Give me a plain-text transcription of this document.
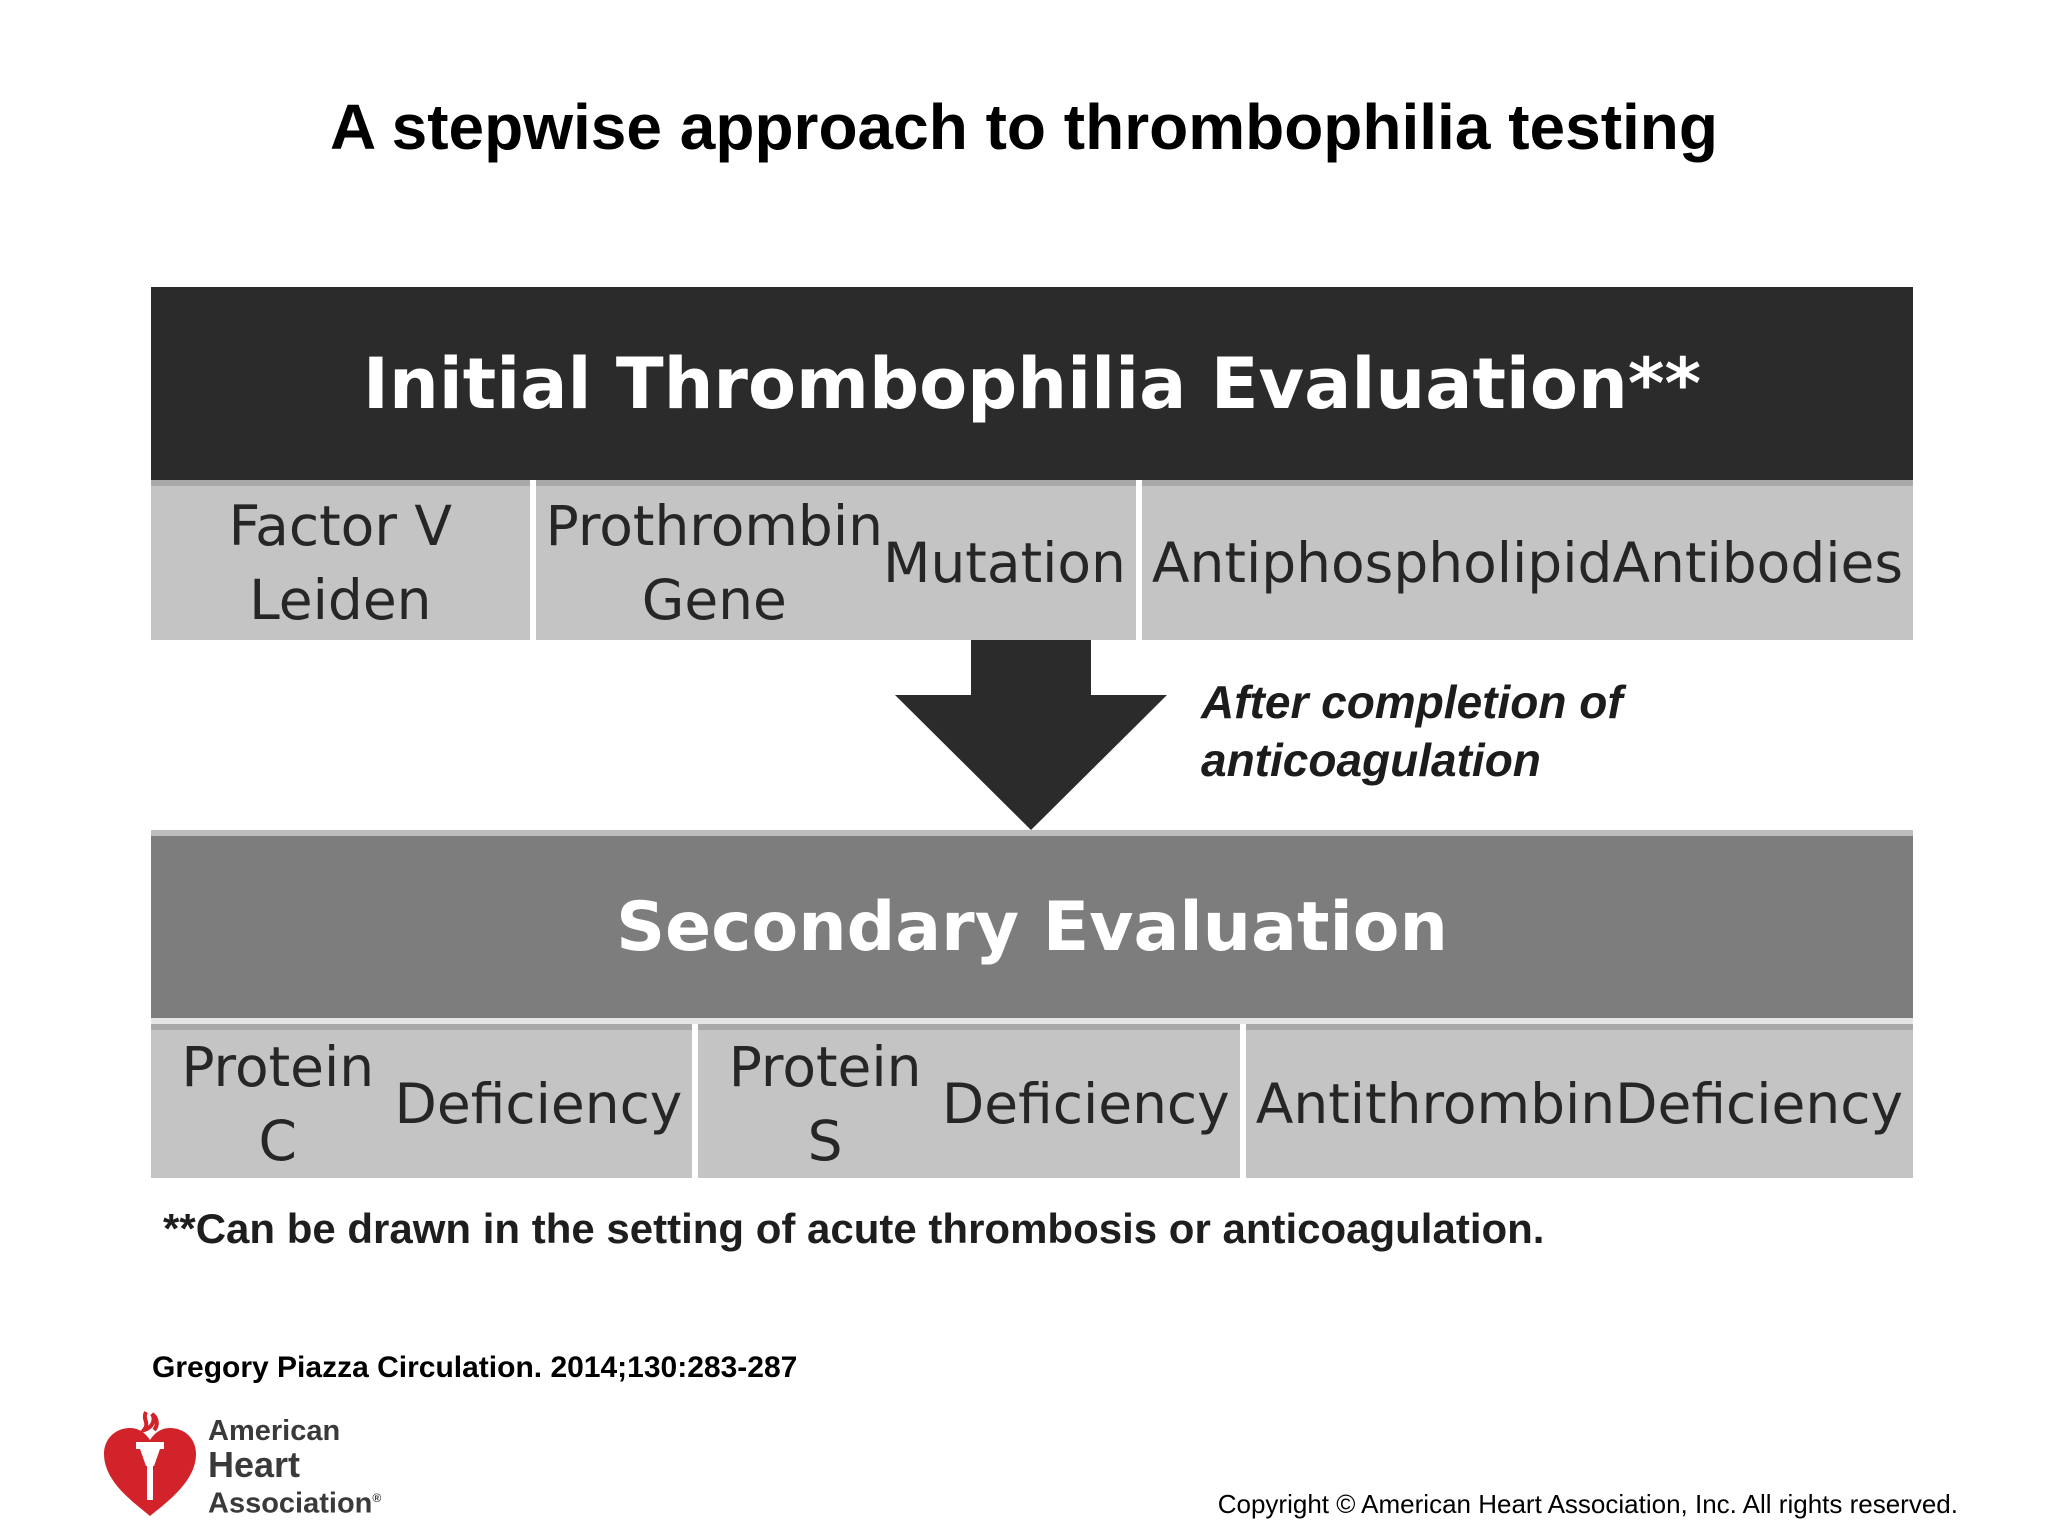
A stepwise approach to thrombophilia testing
Initial Thrombophilia Evaluation**
Factor V Leiden
Prothrombin Gene
Mutation Antiphospholipid Antibodies
After completion of
anticoagulation
Secondary Evaluation
Protein C
Deficiency
Protein S
Deficiency Antithrombin Deficiency
**Can be drawn in the setting of acute thrombosis or anticoagulation.
Gregory Piazza Circulation. 2014;130:283-287
American
Heart
Association®	Copyright © American Heart Association, Inc. All rights reserved.
